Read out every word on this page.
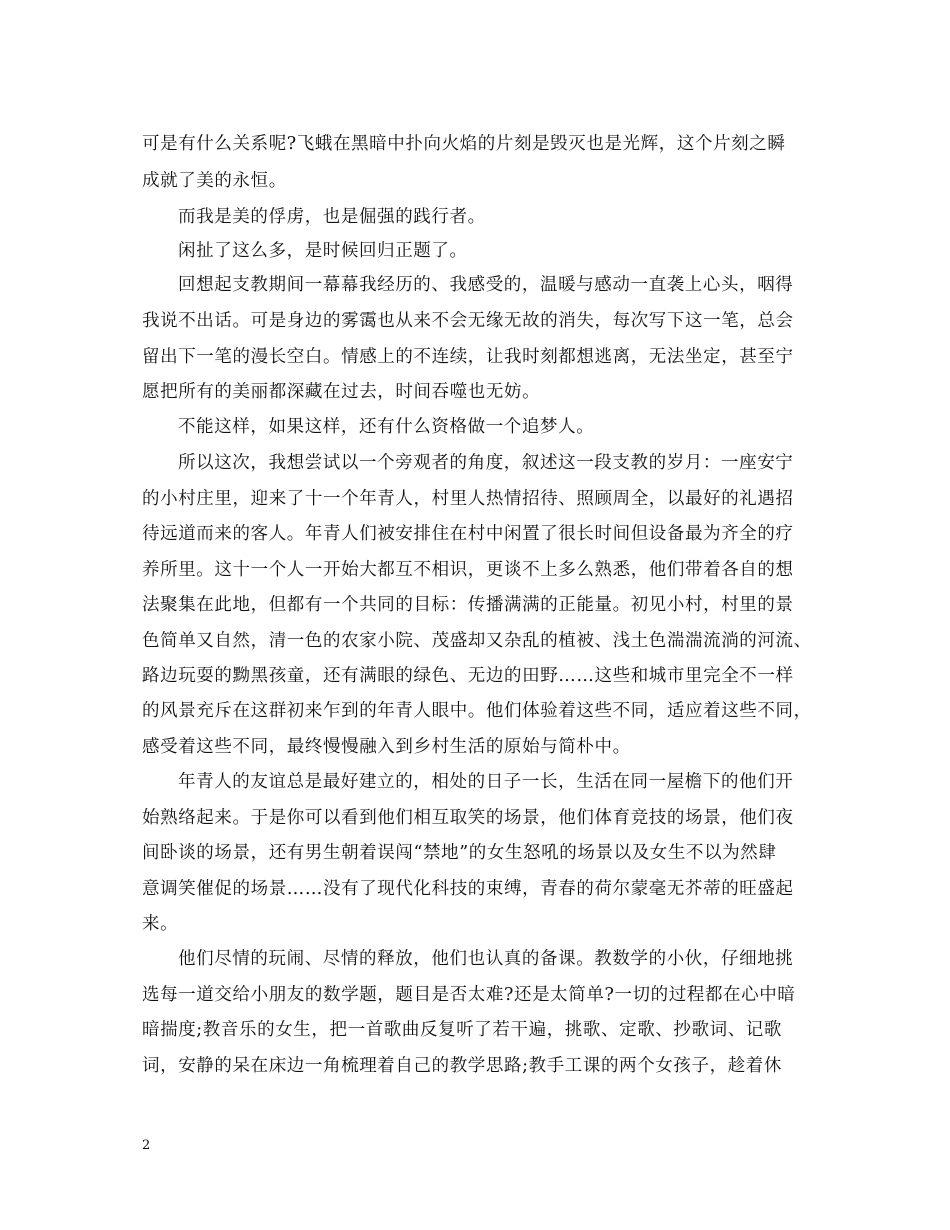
可是有什么关系呢?飞蛾在黑暗中扑向火焰的片刻是毁灭也是光辉，这个片刻之瞬
成就了美的永恒。
而我是美的俘虏，也是倔强的践行者。
闲扯了这么多，是时候回归正题了。
回想起支教期间一幕幕我经历的、我感受的，温暖与感动一直袭上心头，咽得
我说不出话。可是身边的雾霭也从来不会无缘无故的消失，每次写下这一笔，总会
留出下一笔的漫长空白。情感上的不连续，让我时刻都想逃离，无法坐定，甚至宁
愿把所有的美丽都深藏在过去，时间吞噬也无妨。
不能这样，如果这样，还有什么资格做一个追梦人。
所以这次，我想尝试以一个旁观者的角度，叙述这一段支教的岁月：一座安宁
的小村庄里，迎来了十一个年青人，村里人热情招待、照顾周全，以最好的礼遇招
待远道而来的客人。年青人们被安排住在村中闲置了很长时间但设备最为齐全的疗
养所里。这十一个人一开始大都互不相识，更谈不上多么熟悉，他们带着各自的想
法聚集在此地，但都有一个共同的目标：传播满满的正能量。初见小村，村里的景
色简单又自然，清一色的农家小院、茂盛却又杂乱的植被、浅土色湍湍流淌的河流、
路边玩耍的黝黑孩童，还有满眼的绿色、无边的田野……这些和城市里完全不一样
的风景充斥在这群初来乍到的年青人眼中。他们体验着这些不同，适应着这些不同，
感受着这些不同，最终慢慢融入到乡村生活的原始与简朴中。
年青人的友谊总是最好建立的，相处的日子一长，生活在同一屋檐下的他们开
始熟络起来。于是你可以看到他们相互取笑的场景，他们体育竞技的场景，他们夜
间卧谈的场景，还有男生朝着误闯“禁地”的女生怒吼的场景以及女生不以为然肆
意调笑催促的场景……没有了现代化科技的束缚，青春的荷尔蒙毫无芥蒂的旺盛起
来。
他们尽情的玩闹、尽情的释放，他们也认真的备课。教数学的小伙，仔细地挑
选每一道交给小朋友的数学题，题目是否太难?还是太简单?一切的过程都在心中暗
暗揣度;教音乐的女生，把一首歌曲反复听了若干遍，挑歌、定歌、抄歌词、记歌
词，安静的呆在床边一角梳理着自己的教学思路;教手工课的两个女孩子，趁着休
2
